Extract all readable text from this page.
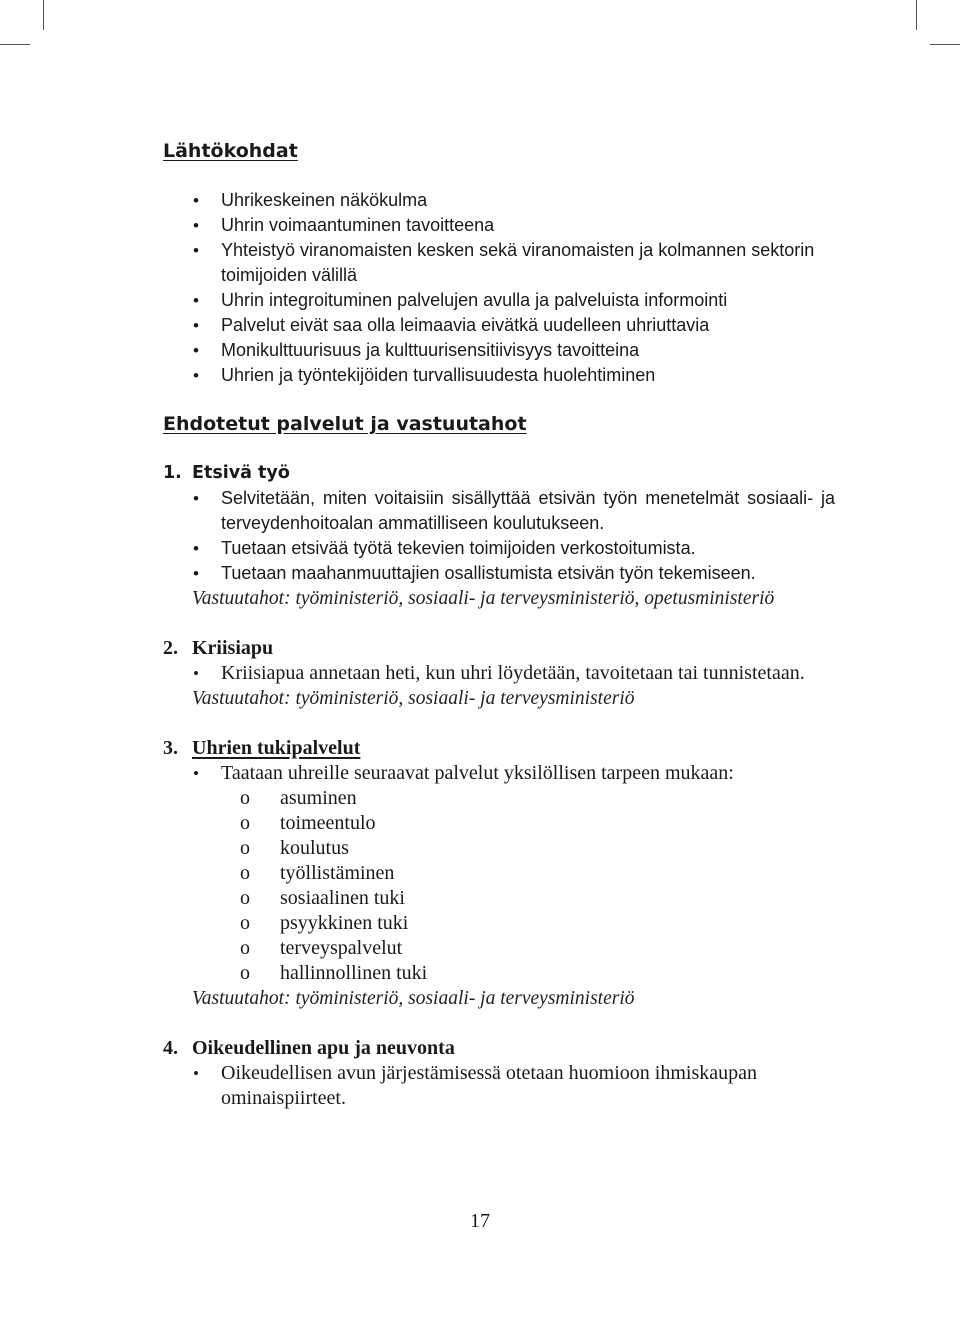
Lähtökohdat
• Uhrikeskeinen näkökulma
• Uhrin voimaantuminen tavoitteena
• Yhteistyö viranomaisten kesken sekä viranomaisten ja kolmannen sektorin toimijoiden välillä
• Uhrin integroituminen palvelujen avulla ja palveluista informointi
• Palvelut eivät saa olla leimaavia eivätkä uudelleen uhriuttavia
• Monikulttuurisuus ja kulttuurisensitiivisyys tavoitteina
• Uhrien ja työntekijöiden turvallisuudesta huolehtiminen
Ehdotetut palvelut ja vastuutahot

1. Etsivä työ

• Selvitetään, miten voitaisiin sisällyttää etsivän työn menetelmät sosiaali- ja terveydenhoitoalan ammatilliseen koulutukseen.
• Tuetaan etsivää työtä tekevien toimijoiden verkostoitumista.
• Tuetaan maahanmuuttajien osallistumista etsivän työn tekemiseen.

Vastuutahot: työministeriö, sosiaali- ja terveysministeriö, opetusministeriö

2. Kriisiapu

• Kriisiapua annetaan heti, kun uhri löydetään, tavoitetaan tai tunnistetaan.

Vastuutahot: työministeriö, sosiaali- ja terveysministeriö

3. Uhrien tukipalvelut

• Taataan uhreille seuraavat palvelut yksilöllisen tarpeen mukaan:
o asuminen
o toimeentulo
o koulutus
o työllistäminen
o sosiaalinen tuki
o psyykkinen tuki
o terveyspalvelut
o hallinnollinen tuki

Vastuutahot: työministeriö, sosiaali- ja terveysministeriö

4. Oikeudellinen apu ja neuvonta

• Oikeudellisen avun järjestämisessä otetaan huomioon ihmiskaupan ominaispiirteet.
17
